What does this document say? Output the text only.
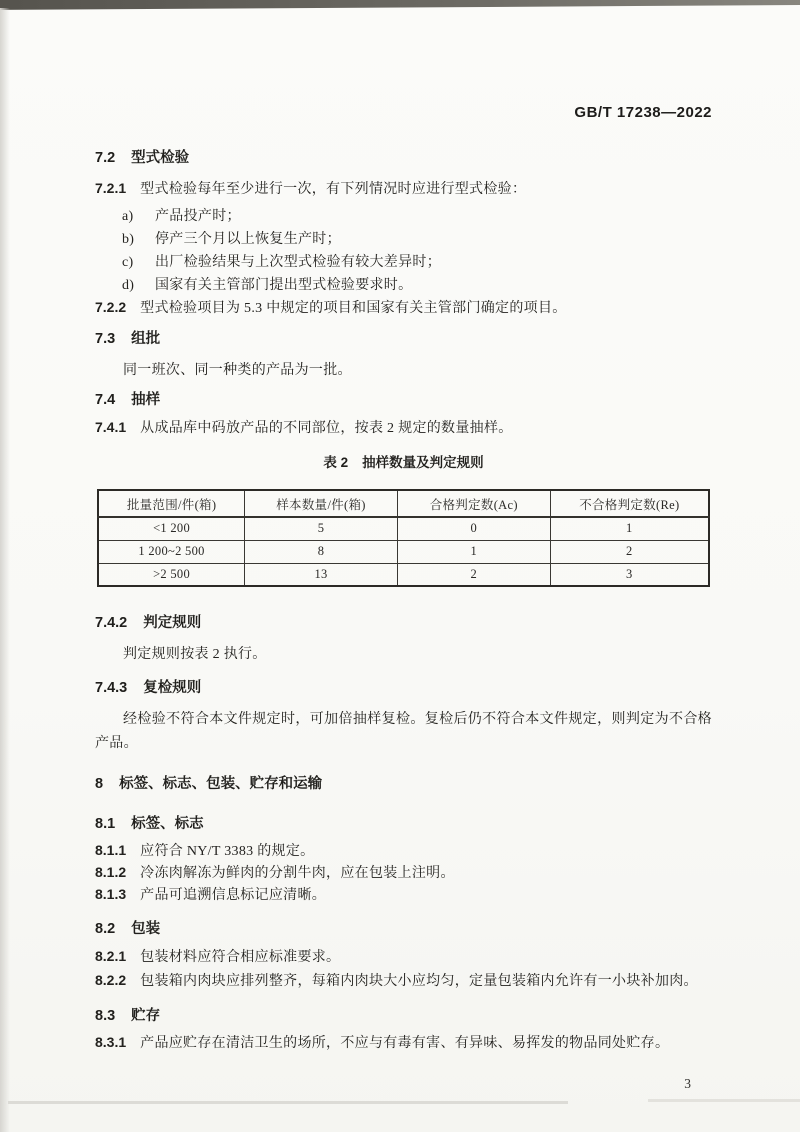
GB/T 17238—2022
7.2 型式检验

7.2.1 型式检验每年至少进行一次，有下列情况时应进行型式检验：

a) 产品投产时；
b) 停产三个月以上恢复生产时；
c) 出厂检验结果与上次型式检验有较大差异时；
d) 国家有关主管部门提出型式检验要求时。

7.2.2 型式检验项目为 5.3 中规定的项目和国家有关主管部门确定的项目。

7.3 组批

同一班次、同一种类的产品为一批。

7.4 抽样

7.4.1 从成品库中码放产品的不同部位，按表 2 规定的数量抽样。

表 2 抽样数量及判定规则
批量范围/件(箱)	样本数量/件(箱)	合格判定数(Ac)	不合格判定数(Re)
<1 200	5	0	1
1 200~2 500	8	1	2
>2 500	13	2	3
7.4.2 判定规则

判定规则按表 2 执行。

7.4.3 复检规则

经检验不符合本文件规定时，可加倍抽样复检。复检后仍不符合本文件规定，则判定为不合格产品。

8 标签、标志、包装、贮存和运输
8.1 标签、标志

8.1.1 应符合 NY/T 3383 的规定。

8.1.2 冷冻肉解冻为鲜肉的分割牛肉，应在包装上注明。

8.1.3 产品可追溯信息标记应清晰。

8.2 包装

8.2.1 包装材料应符合相应标准要求。

8.2.2 包装箱内肉块应排列整齐，每箱内肉块大小应均匀，定量包装箱内允许有一小块补加肉。

8.3 贮存

8.3.1 产品应贮存在清洁卫生的场所，不应与有毒有害、有异味、易挥发的物品同处贮存。

3
